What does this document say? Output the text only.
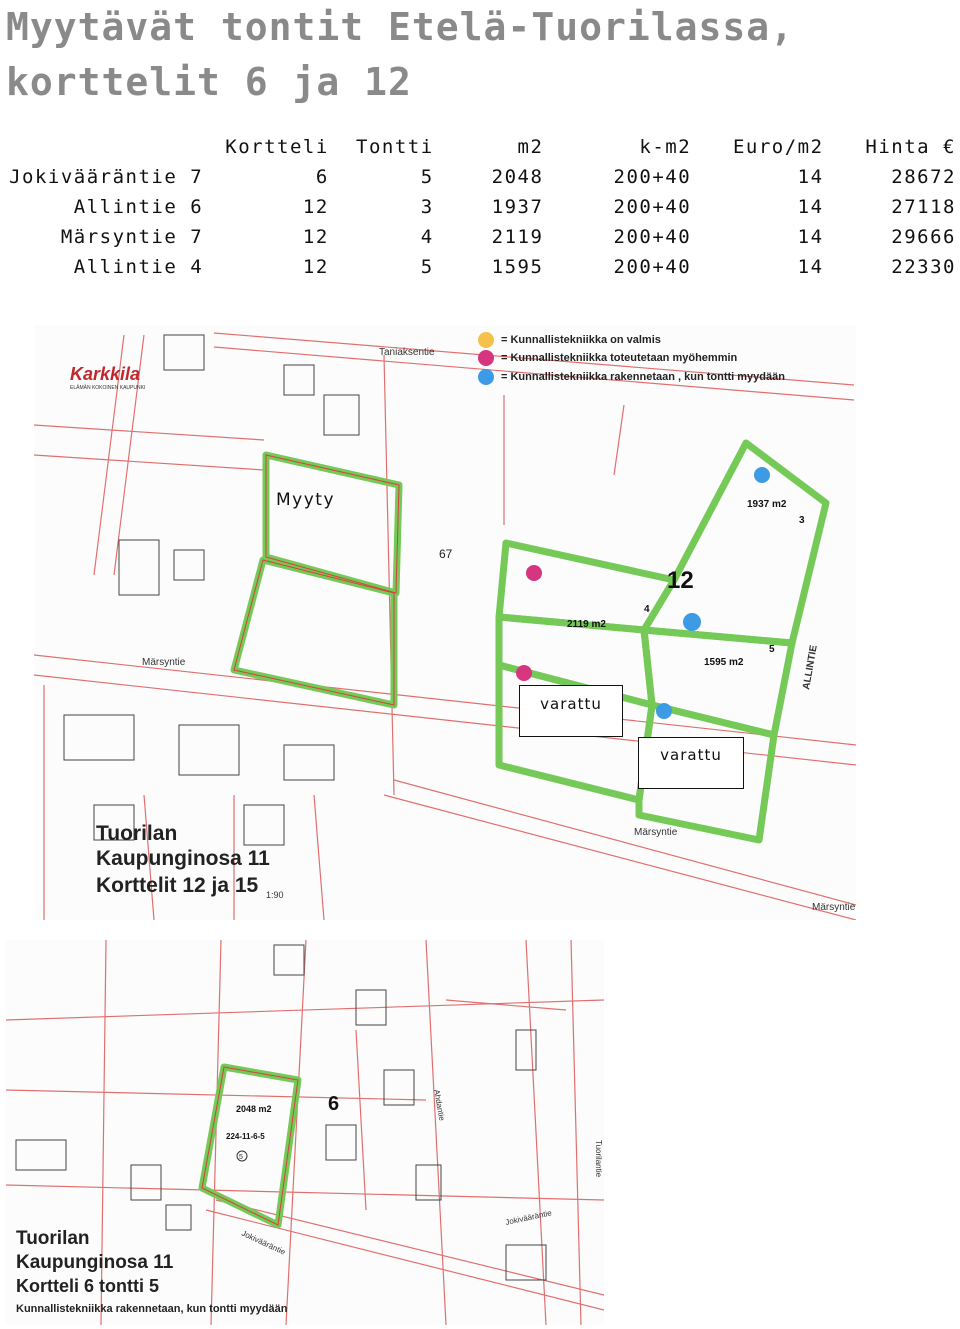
Myytävät tontit Etelä-Tuorilassa,
korttelit 6 ja 12
	Kortteli	Tontti	m2	k-m2	Euro/m2	Hinta €
Jokivääräntie 7	6	5	2048	200+40	14	28672
Allintie 6	12	3	1937	200+40	14	27118
Märsyntie 7	12	4	2119	200+40	14	29666
Allintie 4	12	5	1595	200+40	14	22330
Karkkila
ELÄMÄN KOKOINEN KAUPUNKI
= Kunnallistekniikka on valmis
= Kunnallistekniikka toteutetaan myöhemmin
= Kunnallistekniikka rakennetaan , kun tontti myydään
Taniaksentie
Märsyntie	ALLINTIE
Märsyntie
Märsyntie
12
67
1937 m2
2119 m2
1595 m2
3
4
5
Tuorilan
Kaupunginosa 11
Korttelit 12 ja 15 1:90
Myyty
varattu
varattu
5
2048 m2
224-11-6-5
6
Jokivääräntie
Jokivääräntie
Ahdantie
Tuorilantie
Tuorilan
Kaupunginosa 11
Kortteli 6 tontti 5
Kunnallistekniikka rakennetaan, kun tontti myydään
